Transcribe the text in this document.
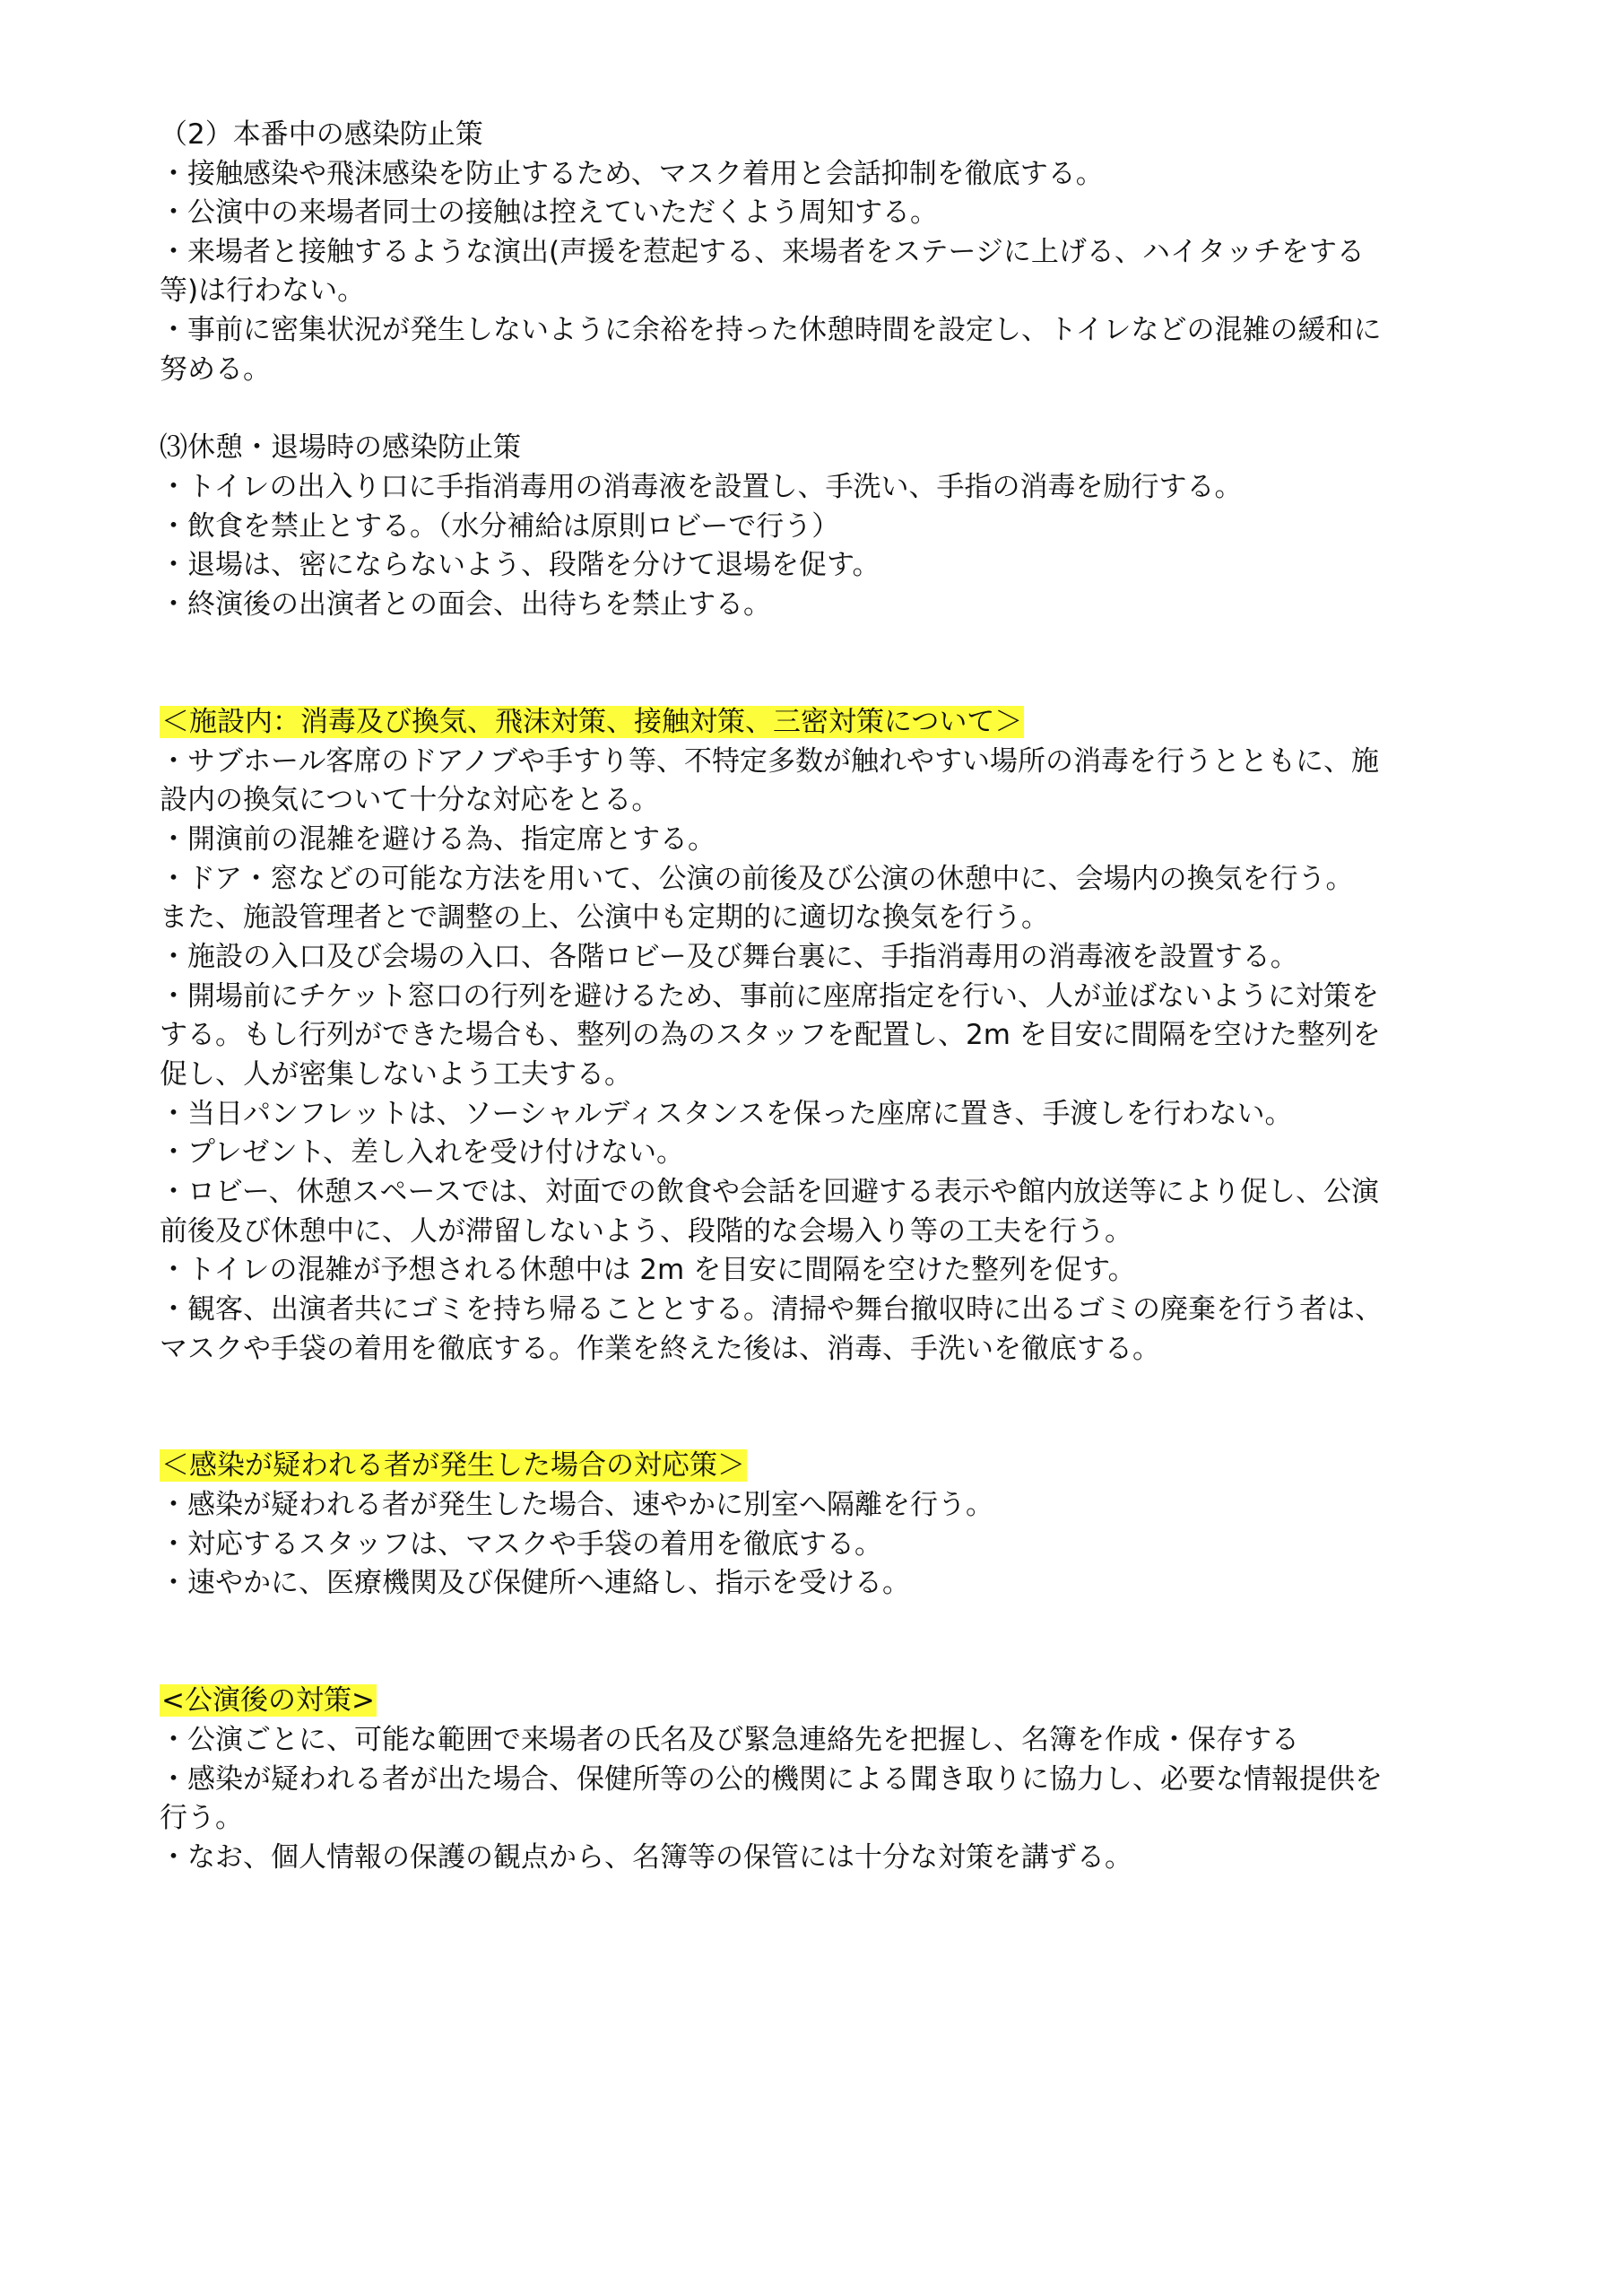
（2）本番中の感染防止策
・接触感染や飛沫感染を防止するため、マスク着用と会話抑制を徹底する。
・公演中の来場者同士の接触は控えていただくよう周知する。
・来場者と接触するような演出(声援を惹起する、来場者をステージに上げる、ハイタッチをする
等)は行わない。
・事前に密集状況が発生しないように余裕を持った休憩時間を設定し、トイレなどの混雑の緩和に
努める。
⑶休憩・退場時の感染防止策
・トイレの出入り口に手指消毒用の消毒液を設置し、手洗い、手指の消毒を励行する。
・飲食を禁止とする。（水分補給は原則ロビーで行う）
・退場は、密にならないよう、段階を分けて退場を促す。
・終演後の出演者との面会、出待ちを禁止する。
＜施設内：消毒及び換気、飛沫対策、接触対策、三密対策について＞
・サブホール客席のドアノブや手すり等、不特定多数が触れやすい場所の消毒を行うとともに、施
設内の換気について十分な対応をとる。
・開演前の混雑を避ける為、指定席とする。
・ドア・窓などの可能な方法を用いて、公演の前後及び公演の休憩中に、会場内の換気を行う。
また、施設管理者とで調整の上、公演中も定期的に適切な換気を行う。
・施設の入口及び会場の入口、各階ロビー及び舞台裏に、手指消毒用の消毒液を設置する。
・開場前にチケット窓口の行列を避けるため、事前に座席指定を行い、人が並ばないように対策を
する。もし行列ができた場合も、整列の為のスタッフを配置し、2m を目安に間隔を空けた整列を
促し、人が密集しないよう工夫する。
・当日パンフレットは、ソーシャルディスタンスを保った座席に置き、手渡しを行わない。
・プレゼント、差し入れを受け付けない。
・ロビー、休憩スペースでは、対面での飲食や会話を回避する表示や館内放送等により促し、公演
前後及び休憩中に、人が滞留しないよう、段階的な会場入り等の工夫を行う。
・トイレの混雑が予想される休憩中は 2m を目安に間隔を空けた整列を促す。
・観客、出演者共にゴミを持ち帰ることとする。清掃や舞台撤収時に出るゴミの廃棄を行う者は、
マスクや手袋の着用を徹底する。作業を終えた後は、消毒、手洗いを徹底する。
＜感染が疑われる者が発生した場合の対応策＞
・感染が疑われる者が発生した場合、速やかに別室へ隔離を行う。
・対応するスタッフは、マスクや手袋の着用を徹底する。
・速やかに、医療機関及び保健所へ連絡し、指示を受ける。
<公演後の対策>
・公演ごとに、可能な範囲で来場者の氏名及び緊急連絡先を把握し、名簿を作成・保存する
・感染が疑われる者が出た場合、保健所等の公的機関による聞き取りに協力し、必要な情報提供を
行う。
・なお、個人情報の保護の観点から、名簿等の保管には十分な対策を講ずる。
